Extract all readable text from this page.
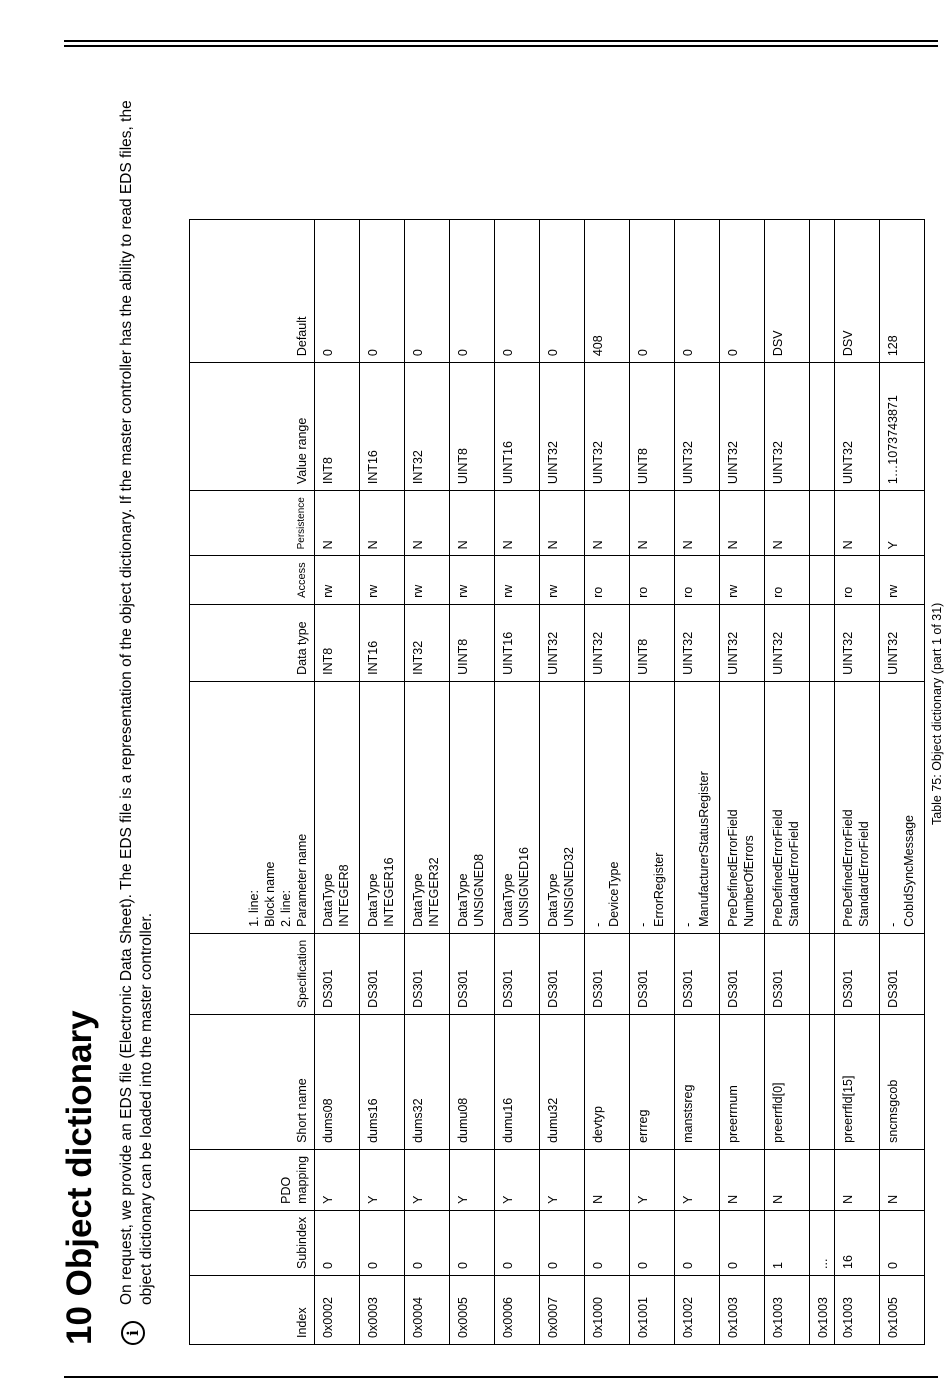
10 Object dictionary i
On request, we provide an EDS file (Electronic Data Sheet). The EDS file is a representation of the object dictionary. If the master controller has the ability to read EDS files, the object dictionary can be loaded into the master controller.
Index	Subindex	PDO mapping	Short name	Specification	1. line: Block name 2. line: Parameter name	Data type	Access	Persistence	Value range	Default
0x0002	0	Y	dums08	DS301	DataType INTEGER8	INT8	rw	N	INT8	0
0x0003	0	Y	dums16	DS301	DataType INTEGER16	INT16	rw	N	INT16	0
0x0004	0	Y	dums32	DS301	DataType INTEGER32	INT32	rw	N	INT32	0
0x0005	0	Y	dumu08	DS301	DataType UNSIGNED8	UINT8	rw	N	UINT8	0
0x0006	0	Y	dumu16	DS301	DataType UNSIGNED16	UINT16	rw	N	UINT16	0
0x0007	0	Y	dumu32	DS301	DataType UNSIGNED32	UINT32	rw	N	UINT32	0
0x1000	0	N	devtyp	DS301	- DeviceType	UINT32	ro	N	UINT32	408
0x1001	0	Y	errreg	DS301	- ErrorRegister	UINT8	ro	N	UINT8	0
0x1002	0	Y	manstsreg	DS301	- ManufacturerStatusRegister	UINT32	ro	N	UINT32	0
0x1003	0	N	preerrnum	DS301	PreDefinedErrorField NumberOfErrors	UINT32	rw	N	UINT32	0
0x1003	1	N	preerrfld[0]	DS301	PreDefinedErrorField StandardErrorField	UINT32	ro	N	UINT32	DSV
0x1003	...				

0x1003	16	N	preerrfld[15]	DS301	PreDefinedErrorField StandardErrorField	UINT32	ro	N	UINT32	DSV
0x1005	0	N	sncmsgcob	DS301	- CobIdSyncMessage	UINT32	rw	Y	1…1073743871	128
Table 75: Object dictionary (part 1 of 31)
